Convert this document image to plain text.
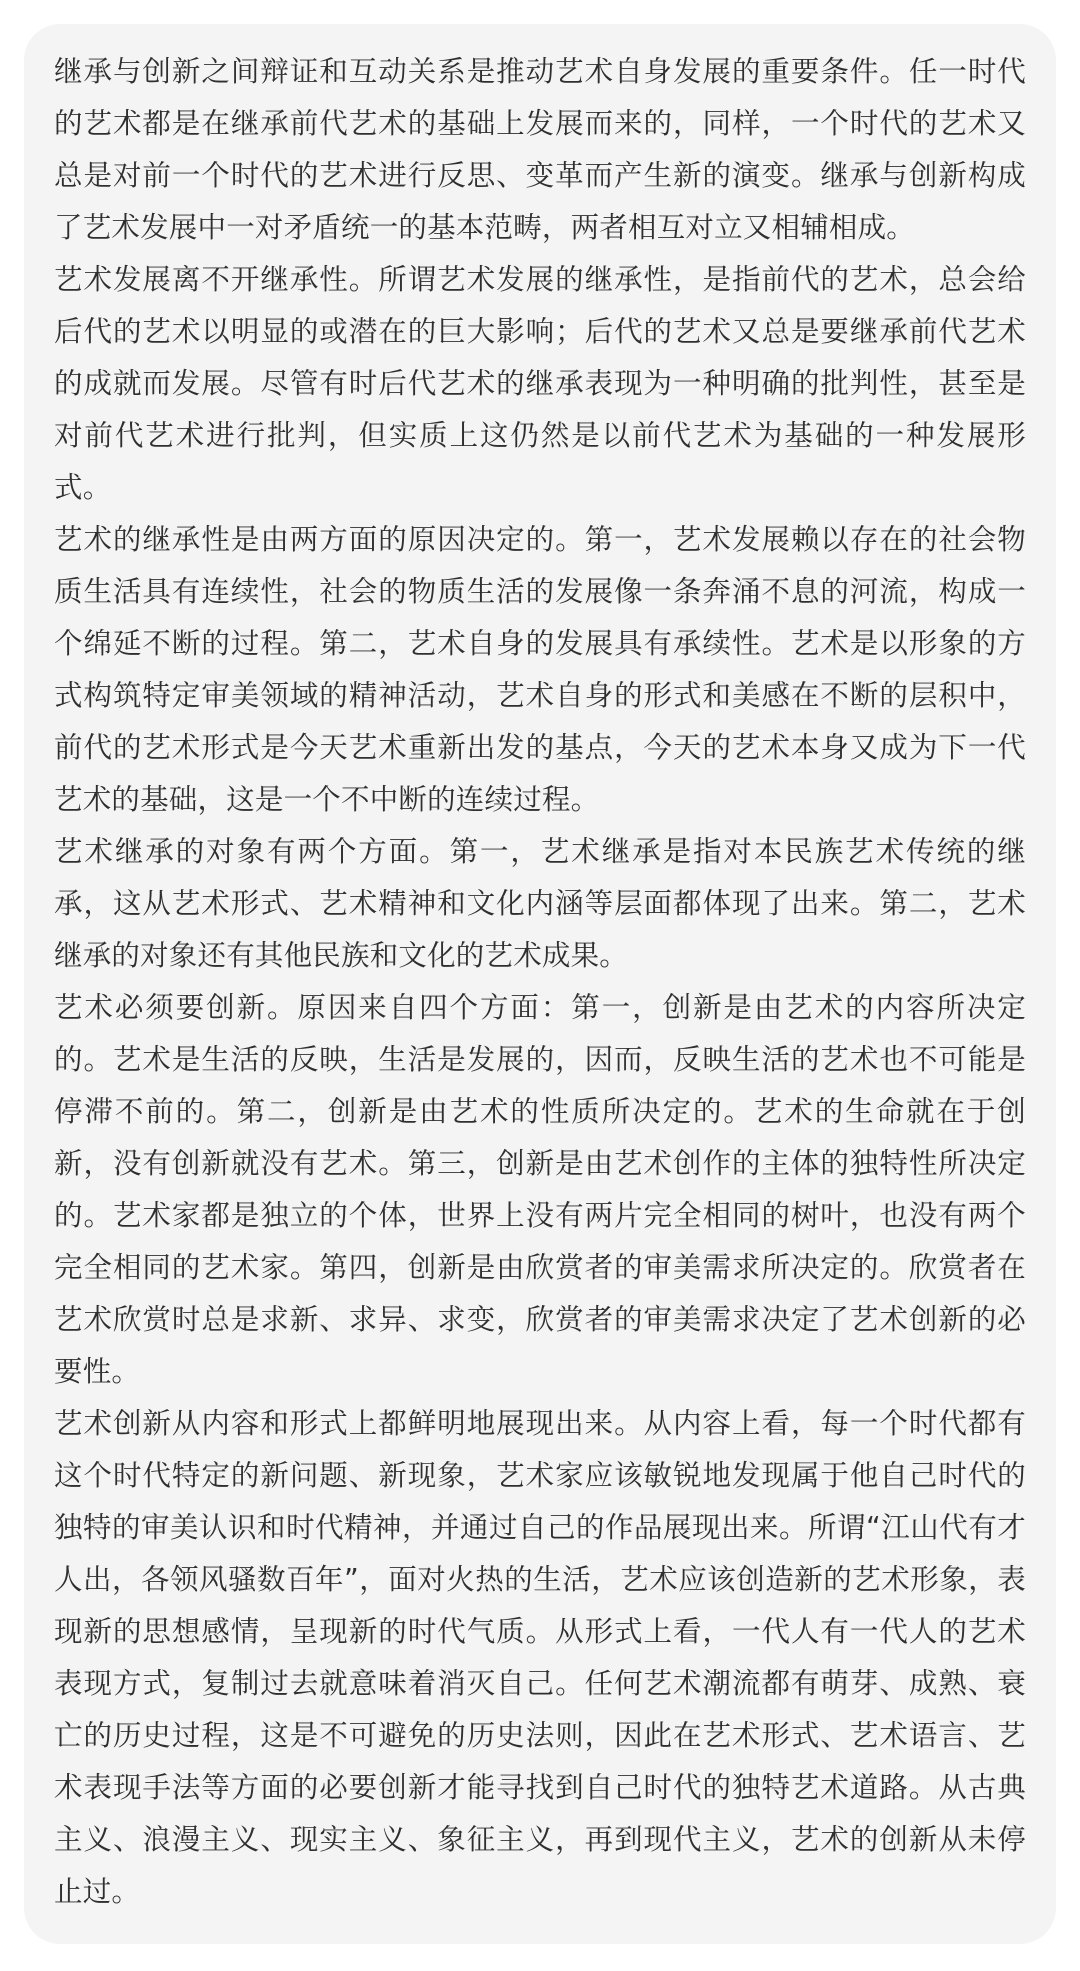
继承与创新之间辩证和互动关系是推动艺术自身发展的重要条件。任一时代的艺术都是在继承前代艺术的基础上发展而来的，同样，一个时代的艺术又总是对前一个时代的艺术进行反思、变革而产生新的演变。继承与创新构成了艺术发展中一对矛盾统一的基本范畴，两者相互对立又相辅相成。

艺术发展离不开继承性。所谓艺术发展的继承性，是指前代的艺术，总会给后代的艺术以明显的或潜在的巨大影响；后代的艺术又总是要继承前代艺术的成就而发展。尽管有时后代艺术的继承表现为一种明确的批判性，甚至是对前代艺术进行批判，但实质上这仍然是以前代艺术为基础的一种发展形式。

艺术的继承性是由两方面的原因决定的。第一，艺术发展赖以存在的社会物质生活具有连续性，社会的物质生活的发展像一条奔涌不息的河流，构成一个绵延不断的过程。第二，艺术自身的发展具有承续性。艺术是以形象的方式构筑特定审美领域的精神活动，艺术自身的形式和美感在不断的层积中，前代的艺术形式是今天艺术重新出发的基点，今天的艺术本身又成为下一代艺术的基础，这是一个不中断的连续过程。

艺术继承的对象有两个方面。第一，艺术继承是指对本民族艺术传统的继承，这从艺术形式、艺术精神和文化内涵等层面都体现了出来。第二，艺术继承的对象还有其他民族和文化的艺术成果。

艺术必须要创新。原因来自四个方面：第一，创新是由艺术的内容所决定的。艺术是生活的反映，生活是发展的，因而，反映生活的艺术也不可能是停滞不前的。第二，创新是由艺术的性质所决定的。艺术的生命就在于创新，没有创新就没有艺术。第三，创新是由艺术创作的主体的独特性所决定的。艺术家都是独立的个体，世界上没有两片完全相同的树叶，也没有两个完全相同的艺术家。第四，创新是由欣赏者的审美需求所决定的。欣赏者在艺术欣赏时总是求新、求异、求变，欣赏者的审美需求决定了艺术创新的必要性。

艺术创新从内容和形式上都鲜明地展现出来。从内容上看，每一个时代都有这个时代特定的新问题、新现象，艺术家应该敏锐地发现属于他自己时代的独特的审美认识和时代精神，并通过自己的作品展现出来。所谓“江山代有才人出，各领风骚数百年”，面对火热的生活，艺术应该创造新的艺术形象，表现新的思想感情，呈现新的时代气质。从形式上看，一代人有一代人的艺术表现方式，复制过去就意味着消灭自己。任何艺术潮流都有萌芽、成熟、衰亡的历史过程，这是不可避免的历史法则，因此在艺术形式、艺术语言、艺术表现手法等方面的必要创新才能寻找到自己时代的独特艺术道路。从古典主义、浪漫主义、现实主义、象征主义，再到现代主义，艺术的创新从未停止过。
